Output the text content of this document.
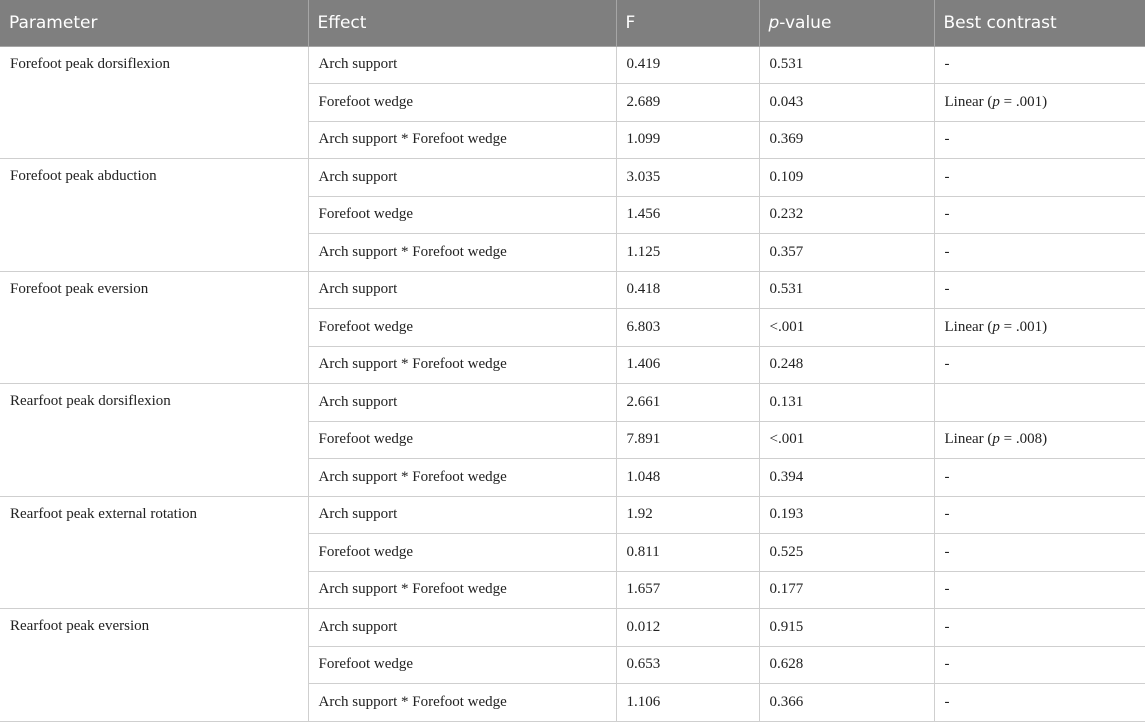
Parameter	Effect	F	p-value	Best contrast
Forefoot peak dorsiflexion	Arch support	0.419	0.531	-
	Forefoot wedge	2.689	0.043	Linear (p = .001)
	Arch support * Forefoot wedge	1.099	0.369	-
Forefoot peak abduction	Arch support	3.035	0.109	-
	Forefoot wedge	1.456	0.232	-
	Arch support * Forefoot wedge	1.125	0.357	-
Forefoot peak eversion	Arch support	0.418	0.531	-
	Forefoot wedge	6.803	<.001	Linear (p = .001)
	Arch support * Forefoot wedge	1.406	0.248	-
Rearfoot peak dorsiflexion	Arch support	2.661	0.131	
	Forefoot wedge	7.891	<.001	Linear (p = .008)
	Arch support * Forefoot wedge	1.048	0.394	-
Rearfoot peak external rotation	Arch support	1.92	0.193	-
	Forefoot wedge	0.811	0.525	-
	Arch support * Forefoot wedge	1.657	0.177	-
Rearfoot peak eversion	Arch support	0.012	0.915	-
	Forefoot wedge	0.653	0.628	-
	Arch support * Forefoot wedge	1.106	0.366	-
